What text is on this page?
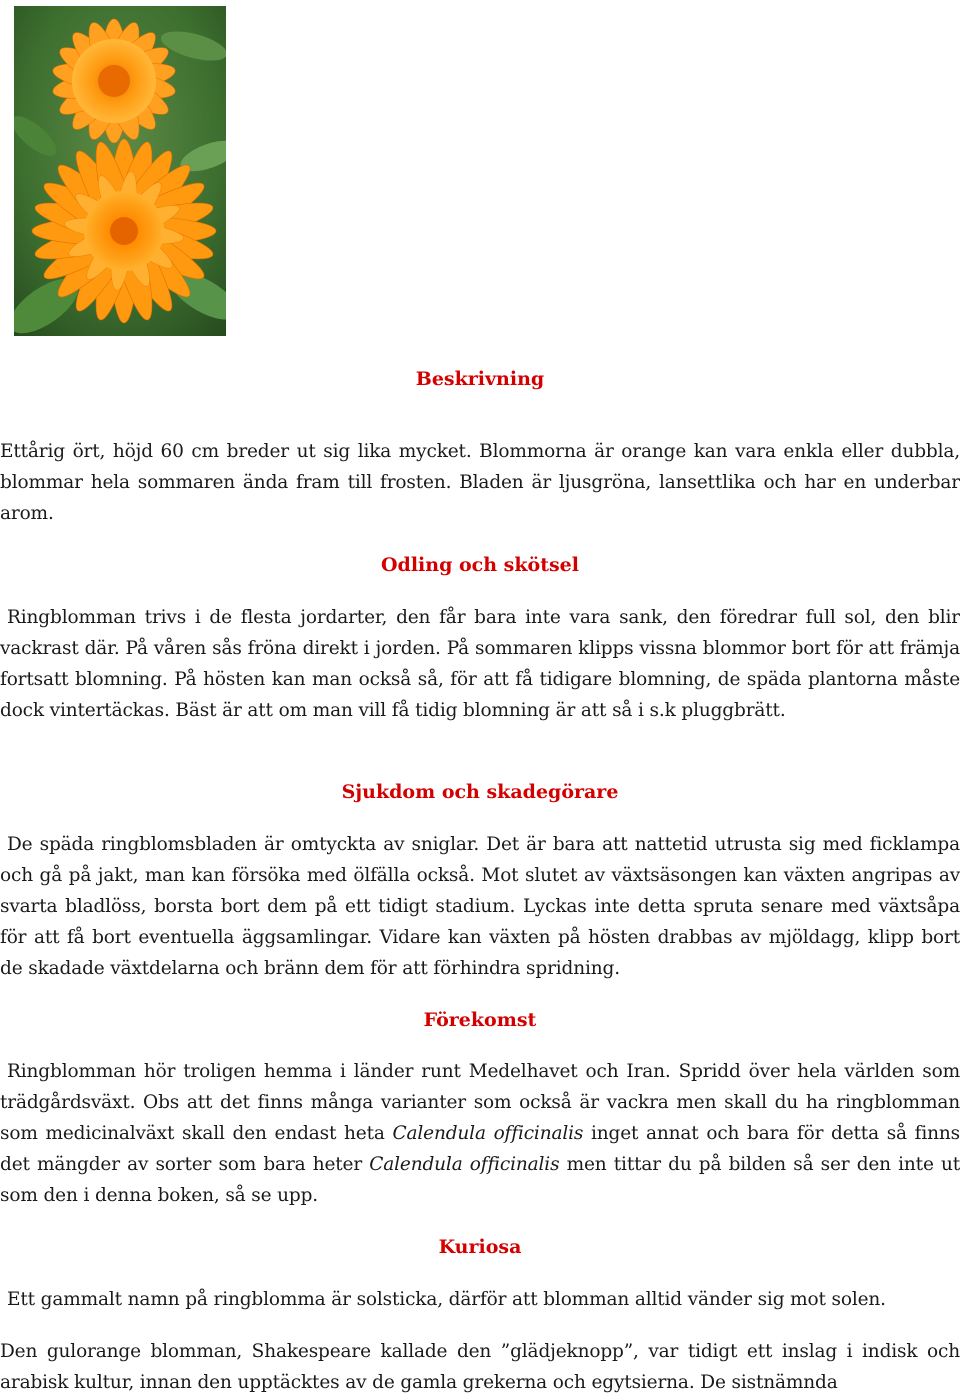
Beskrivning

Ettårig ört, höjd 60 cm breder ut sig lika mycket. Blommorna är orange kan vara enkla eller dubbla, blommar hela sommaren ända fram till frosten. Bladen är ljusgröna, lansettlika och har en underbar arom.

Odling och skötsel

Ringblomman trivs i de flesta jordarter, den får bara inte vara sank, den föredrar full sol, den blir vackrast där. På våren sås fröna direkt i jorden. På sommaren klipps vissna blommor bort för att främja fortsatt blomning. På hösten kan man också så, för att få tidigare blomning, de späda plantorna måste dock vintertäckas. Bäst är att om man vill få tidig blomning är att så i s.k pluggbrätt.

Sjukdom och skadegörare

De späda ringblomsbladen är omtyckta av sniglar. Det är bara att nattetid utrusta sig med ficklampa och gå på jakt, man kan försöka med ölfälla också. Mot slutet av växtsäsongen kan växten angripas av svarta bladlöss, borsta bort dem på ett tidigt stadium. Lyckas inte detta spruta senare med växtsåpa för att få bort eventuella äggsamlingar. Vidare kan växten på hösten drabbas av mjöldagg, klipp bort de skadade växtdelarna och bränn dem för att förhindra spridning.

Förekomst

Ringblomman hör troligen hemma i länder runt Medelhavet och Iran. Spridd över hela världen som trädgårdsväxt. Obs att det finns många varianter som också är vackra men skall du ha ringblomman som medicinalväxt skall den endast heta Calendula officinalis inget annat och bara för detta så finns det mängder av sorter som bara heter Calendula officinalis men tittar du på bilden så ser den inte ut som den i denna boken, så se upp.

Kuriosa

Ett gammalt namn på ringblomma är solsticka, därför att blomman alltid vänder sig mot solen.

Den gulorange blomman, Shakespeare kallade den ”glädjeknopp”, var tidigt ett inslag i indisk och arabisk kultur, innan den upptäcktes av de gamla grekerna och egytsierna. De sistnämnda
